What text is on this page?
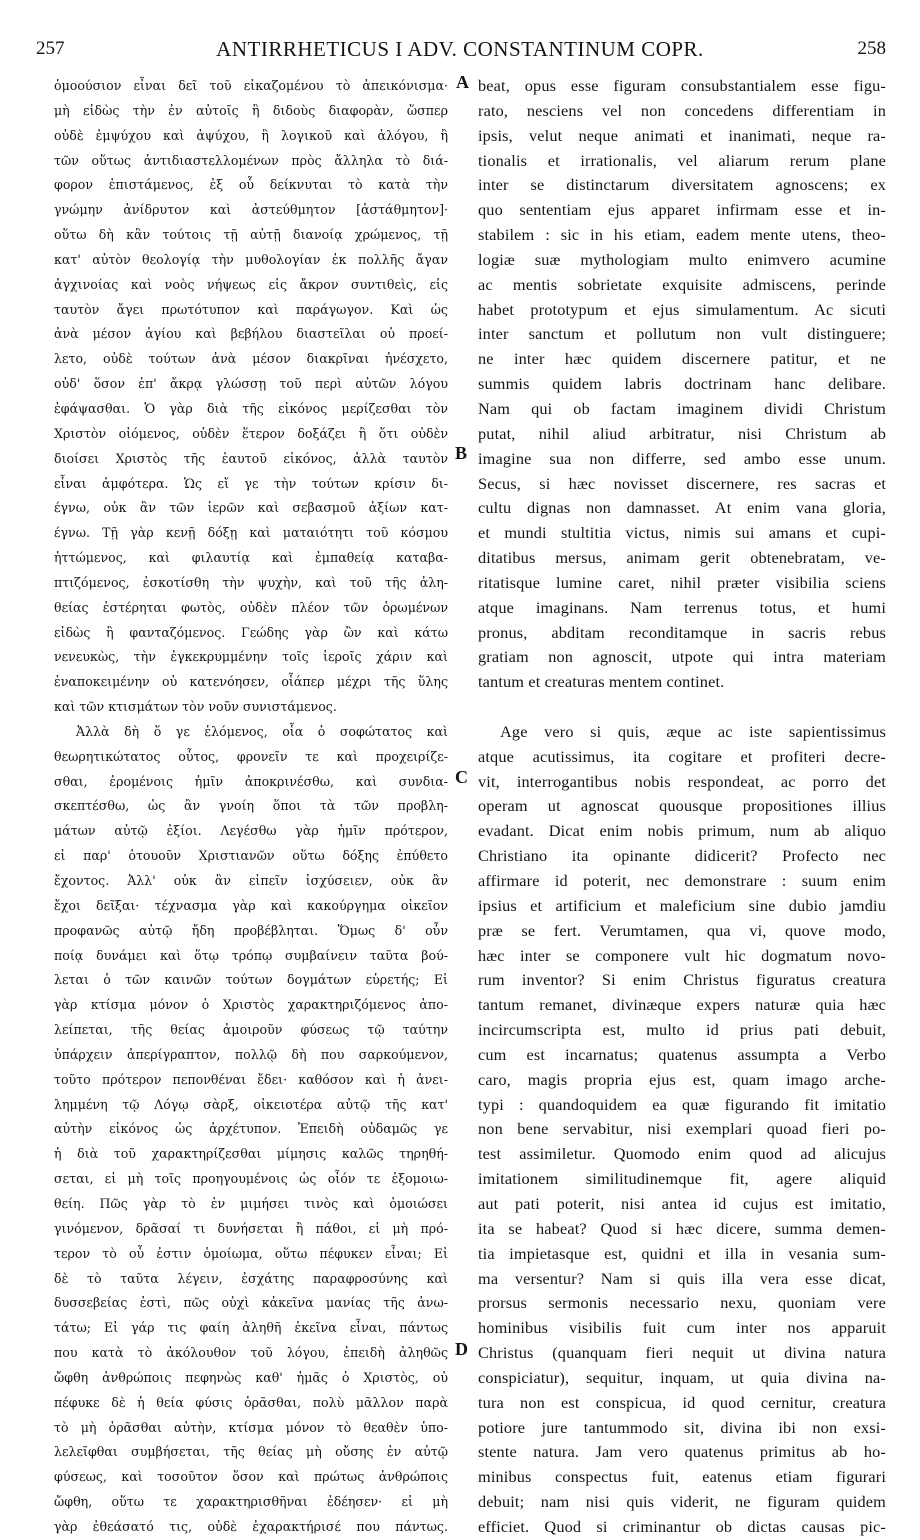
257	ANTIRRHETICUS I ADV. CONSTANTINUM COPR.	258
ὁμοούσιον εἶναι δεῖ τοῦ εἰκαζομένου τὸ ἀπεικόνισμα·
μὴ εἰδὼς τὴν ἐν αὐτοῖς ἢ διδοὺς διαφορὰν, ὥσπερ
οὐδὲ ἐμψύχου καὶ ἀψύχου, ἢ λογικοῦ καὶ ἀλόγου, ἢ
τῶν οὕτως ἀντιδιαστελλομένων πρὸς ἄλληλα τὸ διά-
φορον ἐπιστάμενος, ἐξ οὗ δείκνυται τὸ κατὰ τὴν
γνώμην ἀνίδρυτον καὶ ἀστεύθμητον [ἀστάθμητον]·
οὕτω δὴ κἂν τούτοις τῇ αὐτῇ διανοίᾳ χρώμενος, τῇ
κατ' αὐτὸν θεολογίᾳ τὴν μυθολογίαν ἐκ πολλῆς ἄγαν
ἀγχινοίας καὶ νοὸς νήψεως εἰς ἄκρον συντιθεὶς, εἰς
ταυτὸν ἄγει πρωτότυπον καὶ παράγωγον. Καὶ ὡς
ἀνὰ μέσον ἁγίου καὶ βεβήλου διαστεῖλαι οὐ προεί-
λετο, οὐδὲ τούτων ἀνὰ μέσον διακρῖναι ἠνέσχετο,
οὐδ' ὅσον ἐπ' ἄκρᾳ γλώσσῃ τοῦ περὶ αὐτῶν λόγου
ἐφάψασθαι. Ὁ γὰρ διὰ τῆς εἰκόνος μερίζεσθαι τὸν
Χριστὸν οἰόμενος, οὐδὲν ἕτερον δοξάζει ἢ ὅτι οὐδὲν
διοίσει Χριστὸς τῆς ἑαυτοῦ εἰκόνος, ἀλλὰ ταυτὸν
εἶναι ἀμφότερα. Ὡς εἴ γε τὴν τούτων κρίσιν δι-
έγνω, οὐκ ἂν τῶν ἱερῶν καὶ σεβασμοῦ ἀξίων κατ-
έγνω. Τῇ γὰρ κενῇ δόξῃ καὶ ματαιότητι τοῦ κόσμου
ἡττώμενος, καὶ φιλαυτίᾳ καὶ ἐμπαθείᾳ καταβα-
πτιζόμενος, ἐσκοτίσθη τὴν ψυχὴν, καὶ τοῦ τῆς ἀλη-
θείας ἐστέρηται φωτὸς, οὐδὲν πλέον τῶν ὁρωμένων
εἰδὼς ἢ φανταζόμενος. Γεώδης γὰρ ὢν καὶ κάτω
νενευκὼς, τὴν ἐγκεκρυμμένην τοῖς ἱεροῖς χάριν καὶ
ἐναποκειμένην οὐ κατενόησεν, οἷάπερ μέχρι τῆς ὕλης
καὶ τῶν κτισμάτων τὸν νοῦν συνιστάμενος.
Ἀλλὰ δὴ ὅ γε ἑλόμενος, οἷα ὁ σοφώτατος καὶ
θεωρητικώτατος οὗτος, φρονεῖν τε καὶ προχειρίζε-
σθαι, ἐρομένοις ἡμῖν ἀποκρινέσθω, καὶ συνδια-
σκεπτέσθω, ὡς ἂν γνοίη ὅποι τὰ τῶν προβλη-
μάτων αὐτῷ ἐξίοι. Λεγέσθω γὰρ ἡμῖν πρότερον,
εἰ παρ' ὁτουοῦν Χριστιανῶν οὕτω δόξης ἐπύθετο
ἔχοντος. Ἀλλ' οὐκ ἂν εἰπεῖν ἰσχύσειεν, οὐκ ἂν
ἔχοι δεῖξαι· τέχνασμα γὰρ καὶ κακούργημα οἰκεῖον
προφανῶς αὐτῷ ἤδη προβέβληται. Ὅμως δ' οὖν
ποίᾳ δυνάμει καὶ ὅτῳ τρόπῳ συμβαίνειν ταῦτα βού-
λεται ὁ τῶν καινῶν τούτων δογμάτων εὑρετής; Εἰ
γὰρ κτίσμα μόνον ὁ Χριστὸς χαρακτηριζόμενος ἀπο-
λείπεται, τῆς θείας ἀμοιροῦν φύσεως τῷ ταύτην
ὑπάρχειν ἀπερίγραπτον, πολλῷ δὴ που σαρκούμενον,
τοῦτο πρότερον πεπονθέναι ἔδει· καθόσον καὶ ἡ ἀνει-
λημμένη τῷ Λόγῳ σὰρξ, οἰκειοτέρα αὐτῷ τῆς κατ'
αὐτὴν εἰκόνος ὡς ἀρχέτυπον. Ἐπειδὴ οὐδαμῶς γε
ἡ διὰ τοῦ χαρακτηρίζεσθαι μίμησις καλῶς τηρηθή-
σεται, εἰ μὴ τοῖς προηγουμένοις ὡς οἷόν τε ἐξομοιω-
θείη. Πῶς γὰρ τὸ ἐν μιμήσει τινὸς καὶ ὁμοιώσει
γινόμενον, δρᾶσαί τι δυνήσεται ἢ πάθοι, εἰ μὴ πρό-
τερον τὸ οὗ ἐστιν ὁμοίωμα, οὕτω πέφυκεν εἶναι; Εἰ
δὲ τὸ ταῦτα λέγειν, ἐσχάτης παραφροσύνης καὶ
δυσσεβείας ἐστὶ, πῶς οὐχὶ κἀκεῖνα μανίας τῆς ἀνω-
τάτω; Εἰ γάρ τις φαίη ἀληθῆ ἐκεῖνα εἶναι, πάντως
που κατὰ τὸ ἀκόλουθον τοῦ λόγου, ἐπειδὴ ἀληθῶς
ὤφθη ἀνθρώποις πεφηνὼς καθ' ἡμᾶς ὁ Χριστὸς, οὐ
πέφυκε δὲ ἡ θεία φύσις ὁρᾶσθαι, πολὺ μᾶλλον παρὰ
τὸ μὴ ὁρᾶσθαι αὐτὴν, κτίσμα μόνον τὸ θεαθὲν ὑπο-
λελεῖφθαι συμβήσεται, τῆς θείας μὴ οὔσης ἐν αὐτῷ
φύσεως, καὶ τοσοῦτον ὅσον καὶ πρώτως ἀνθρώποις
ὤφθη, οὕτω τε χαρακτηρισθῆναι ἐδέησεν· εἰ μὴ
γὰρ ἐθεάσατό τις, οὐδὲ ἐχαρακτήρισέ που πάντως.
beat, opus esse figuram consubstantialem esse figu-
rato, nesciens vel non concedens differentiam in
ipsis, velut neque animati et inanimati, neque ra-
tionalis et irrationalis, vel aliarum rerum plane
inter se distinctarum diversitatem agnoscens; ex
quo sententiam ejus apparet infirmam esse et in-
stabilem : sic in his etiam, eadem mente utens, theo-
logiæ suæ mythologiam multo enimvero acumine
ac mentis sobrietate exquisite admiscens, perinde
habet prototypum et ejus simulamentum. Ac sicuti
inter sanctum et pollutum non vult distinguere;
ne inter hæc quidem discernere patitur, et ne
summis quidem labris doctrinam hanc delibare.
Nam qui ob factam imaginem dividi Christum
putat, nihil aliud arbitratur, nisi Christum ab
imagine sua non differre, sed ambo esse unum.
Secus, si hæc novisset discernere, res sacras et
cultu dignas non damnasset. At enim vana gloria,
et mundi stultitia victus, nimis sui amans et cupi-
ditatibus mersus, animam gerit obtenebratam, ve-
ritatisque lumine caret, nihil præter visibilia sciens
atque imaginans. Nam terrenus totus, et humi
pronus, abditam reconditamque in sacris rebus
gratiam non agnoscit, utpote qui intra materiam
tantum et creaturas mentem continet.
Age vero si quis, æque ac iste sapientissimus
atque acutissimus, ita cogitare et profiteri decre-
vit, interrogantibus nobis respondeat, ac porro det
operam ut agnoscat quousque propositiones illius
evadant. Dicat enim nobis primum, num ab aliquo
Christiano ita opinante didicerit? Profecto nec
affirmare id poterit, nec demonstrare : suum enim
ipsius et artificium et maleficium sine dubio jamdiu
præ se fert. Verumtamen, qua vi, quove modo,
hæc inter se componere vult hic dogmatum novo-
rum inventor? Si enim Christus figuratus creatura
tantum remanet, divinæque expers naturæ quia hæc
incircumscripta est, multo id prius pati debuit,
cum est incarnatus; quatenus assumpta a Verbo
caro, magis propria ejus est, quam imago arche-
typi : quandoquidem ea quæ figurando fit imitatio
non bene servabitur, nisi exemplari quoad fieri po-
test assimiletur. Quomodo enim quod ad alicujus
imitationem similitudinemque fit, agere aliquid
aut pati poterit, nisi antea id cujus est imitatio,
ita se habeat? Quod si hæc dicere, summa demen-
tia impietasque est, quidni et illa in vesania sum-
ma versentur? Nam si quis illa vera esse dicat,
prorsus sermonis necessario nexu, quoniam vere
hominibus visibilis fuit cum inter nos apparuit
Christus (quanquam fieri nequit ut divina natura
conspiciatur), sequitur, inquam, ut quia divina na-
tura non est conspicua, id quod cernitur, creatura
potiore jure tantummodo sit, divina ibi non exsi-
stente natura. Jam vero quatenus primitus ab ho-
minibus conspectus fuit, eatenus etiam figurari
debuit; nam nisi quis viderit, ne figuram quidem
efficiet. Quod si criminantur ob dictas causas pic-
A
B
C
D
